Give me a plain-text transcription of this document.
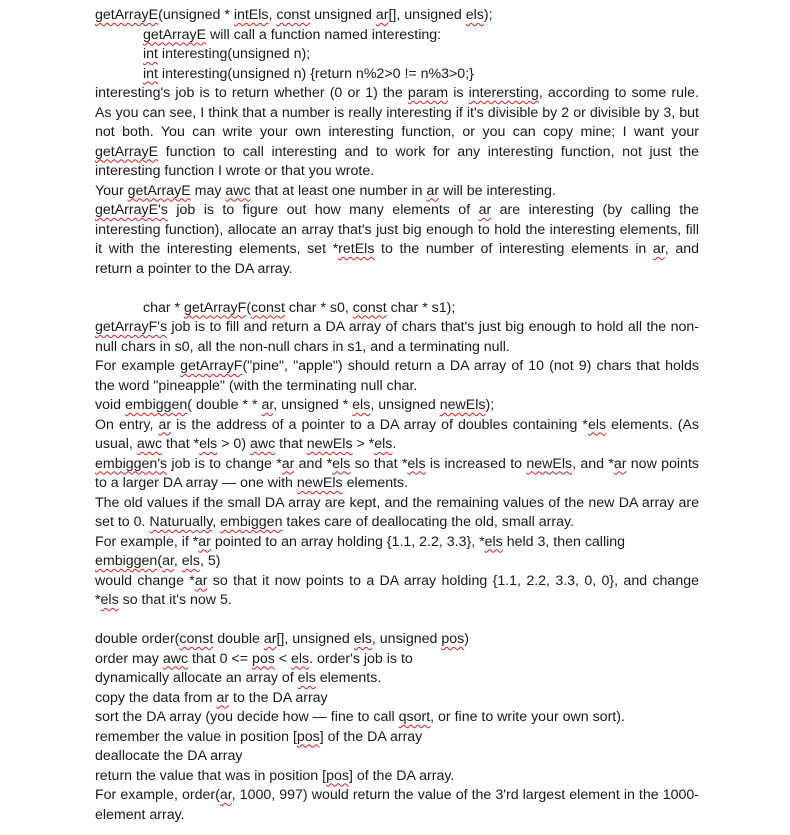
getArrayE(unsigned * intEls, const unsigned ar[], unsigned els);
getArrayE will call a function named interesting:
int interesting(unsigned n);
int interesting(unsigned n) {return n%2>0 != n%3>0;}
interesting's job is to return whether (0 or 1) the param is interersting, according to some rule. As you can see, I think that a number is really interesting if it's divisible by 2 or divisible by 3, but not both. You can write your own interesting function, or you can copy mine; I want your getArrayE function to call interesting and to work for any interesting function, not just the interesting function I wrote or that you wrote.
Your getArrayE may awc that at least one number in ar will be interesting.
getArrayE's job is to figure out how many elements of ar are interesting (by calling the interesting function), allocate an array that's just big enough to hold the interesting elements, fill it with the interesting elements, set *retEls to the number of interesting elements in ar, and return a pointer to the DA array.
char * getArrayF(const char * s0, const char * s1);
getArrayF's job is to fill and return a DA array of chars that's just big enough to hold all the non-null chars in s0, all the non-null chars in s1, and a terminating null.
For example getArrayF("pine", "apple") should return a DA array of 10 (not 9) chars that holds the word "pineapple" (with the terminating null char.
void embiggen( double * * ar, unsigned * els, unsigned newEls);
On entry, ar is the address of a pointer to a DA array of doubles containing *els elements. (As usual, awc that *els > 0) awc that newEls > *els.
embiggen's job is to change *ar and *els so that *els is increased to newEls, and *ar now points to a larger DA array — one with newEls elements.
The old values if the small DA array are kept, and the remaining values of the new DA array are set to 0. Naturually, embiggen takes care of deallocating the old, small array.
For example, if *ar pointed to an array holding {1.1, 2.2, 3.3}, *els held 3, then calling
embiggen(ar, els, 5)
would change *ar so that it now points to a DA array holding {1.1, 2.2, 3.3, 0, 0}, and change *els so that it's now 5.
double order(const double ar[], unsigned els, unsigned pos)
order may awc that 0 <= pos < els. order's job is to
dynamically allocate an array of els elements.
copy the data from ar to the DA array
sort the DA array (you decide how — fine to call qsort, or fine to write your own sort).
remember the value in position [pos] of the DA array
deallocate the DA array
return the value that was in position [pos] of the DA array.
For example, order(ar, 1000, 997) would return the value of the 3'rd largest element in the 1000-element array.
